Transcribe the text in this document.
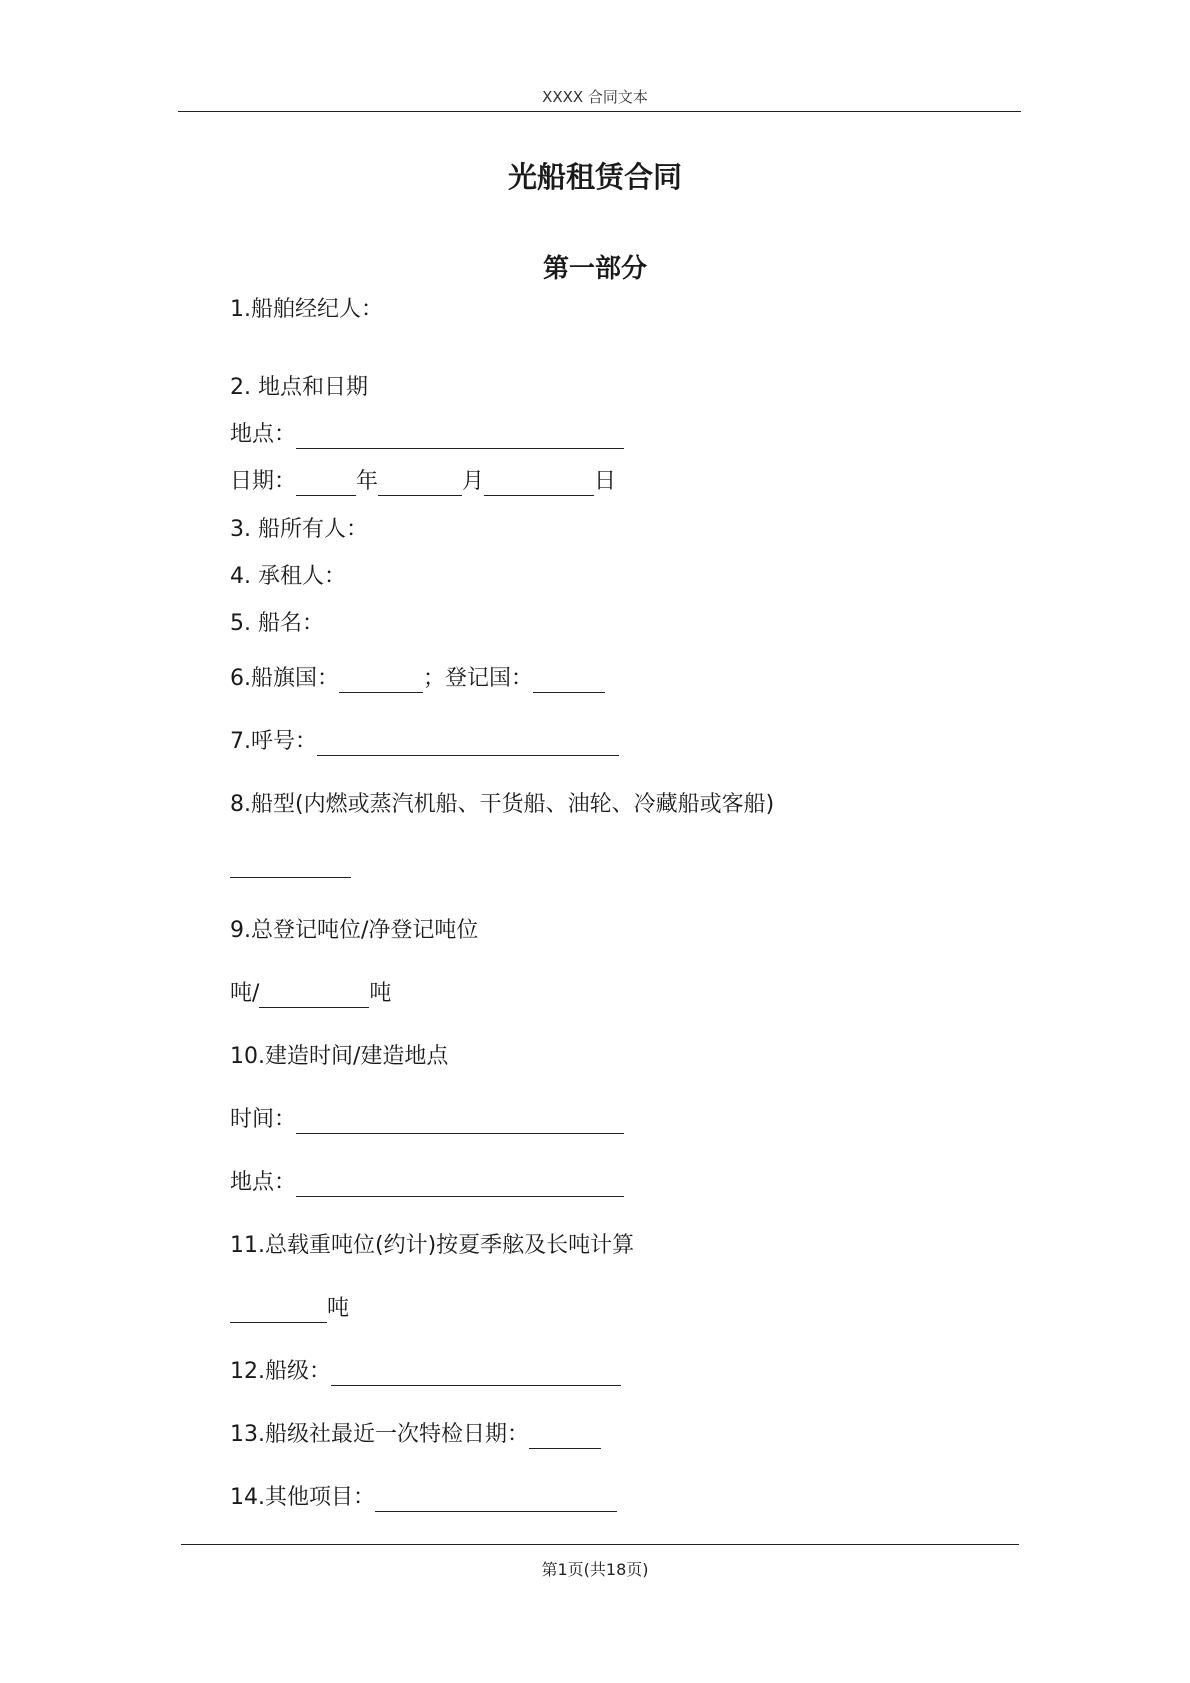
XXXX 合同文本
光船租赁合同
第一部分
1.船舶经纪人：
2. 地点和日期
地点：
日期：	年	月	日
3. 船所有人：
4. 承租人：
5. 船名：
6.船旗国：	；登记国：
7.呼号：
8.船型(内燃或蒸汽机船、干货船、油轮、冷藏船或客船)
9.总登记吨位/净登记吨位
吨/	吨
10.建造时间/建造地点
时间：
地点：
11.总载重吨位(约计)按夏季舷及长吨计算
吨
12.船级：
13.船级社最近一次特检日期：
14.其他项目：
第1页(共18页)
